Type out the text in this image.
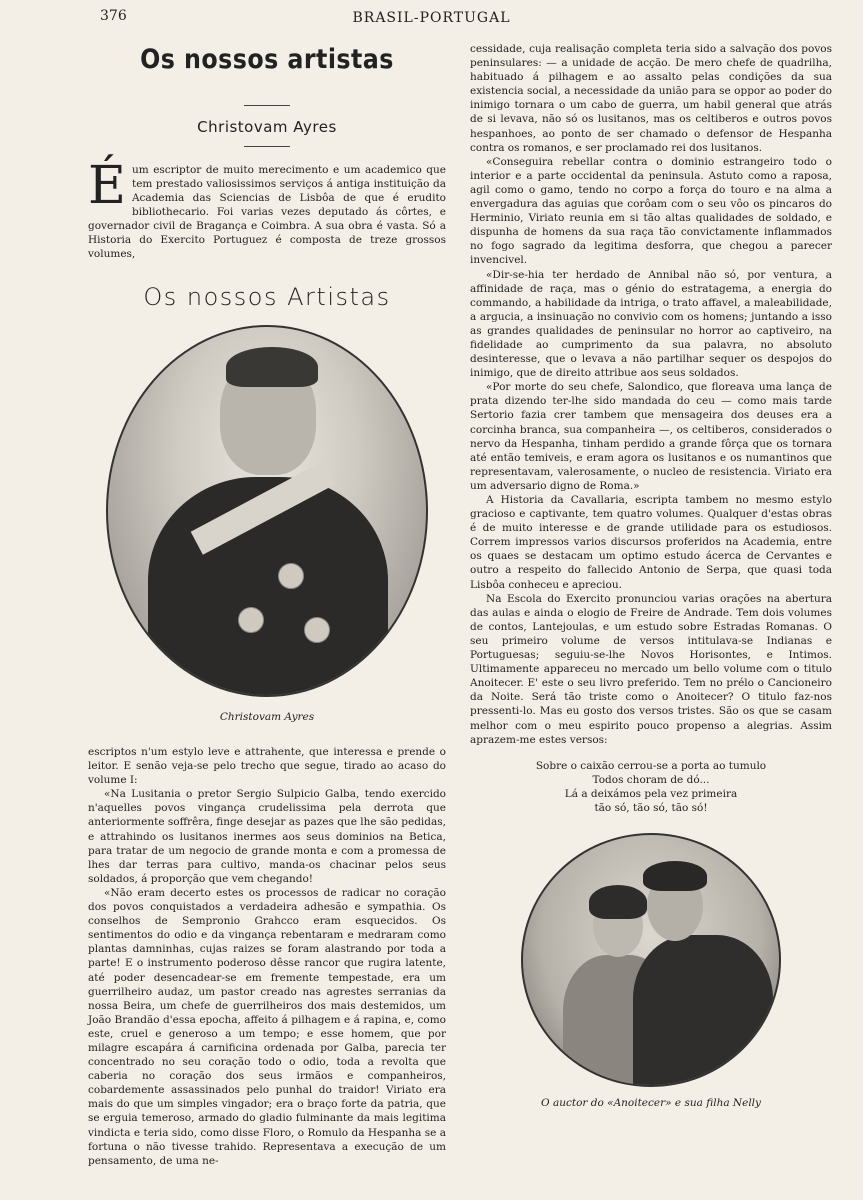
376	BRASIL-PORTUGAL
Os nossos artistas
Christovam Ayres
É um escriptor de muito merecimento e um academico que tem prestado valiosissimos serviços á antiga instituição da Academia das Sciencias de Lisbôa de que é erudito bibliothecario. Foi varias vezes deputado ás côrtes, e governador civil de Bragança e Coimbra. A sua obra é vasta. Só a Historia do Exercito Portuguez é composta de treze grossos volumes,
Os nossos Artistas
Christovam Ayres

escriptos n'um estylo leve e attrahente, que interessa e prende o leitor. E senão veja-se pelo trecho que segue, tirado ao acaso do volume I:

«Na Lusitania o pretor Sergio Sulpicio Galba, tendo exercido n'aquelles povos vingança crudelissima pela derrota que anteriormente soffrêra, finge desejar as pazes que lhe são pedidas, e attrahindo os lusitanos inermes aos seus dominios na Betica, para tratar de um negocio de grande monta e com a promessa de lhes dar terras para cultivo, manda-os chacinar pelos seus soldados, á proporção que vem chegando!

«Não eram decerto estes os processos de radicar no coração dos povos conquistados a verdadeira adhesão e sympathia. Os conselhos de Sempronio Grahcco eram esquecidos. Os sentimentos do odio e da vingança rebentaram e medraram como plantas damninhas, cujas raizes se foram alastrando por toda a parte! E o instrumento poderoso dêsse rancor que rugira latente, até poder desencadear-se em fremente tempestade, era um guerrilheiro audaz, um pastor creado nas agrestes serranias da nossa Beira, um chefe de guerrilheiros dos mais destemidos, um João Brandão d'essa epocha, affeito á pilhagem e á rapina, e, como este, cruel e generoso a um tempo; e esse homem, que por milagre escapára á carnificina ordenada por Galba, parecia ter concentrado no seu coração todo o odio, toda a revolta que caberia no coração dos seus irmãos e companheiros, cobardemente assassinados pelo punhal do traidor! Viriato era mais do que um simples vingador; era o braço forte da patria, que se erguia temeroso, armado do gladio fulminante da mais legitima vindicta e teria sido, como disse Floro, o Romulo da Hespanha se a fortuna o não tivesse trahido. Representava a execução de um pensamento, de uma ne-

cessidade, cuja realisação completa teria sido a salvação dos povos peninsulares: — a unidade de acção. De mero chefe de quadrilha, habituado á pilhagem e ao assalto pelas condições da sua existencia social, a necessidade da união para se oppor ao poder do inimigo tornara o um cabo de guerra, um habil general que atrás de si levava, não só os lusitanos, mas os celtiberos e outros povos hespanhoes, ao ponto de ser chamado o defensor de Hespanha contra os romanos, e ser proclamado rei dos lusitanos.

«Conseguira rebellar contra o dominio estrangeiro todo o interior e a parte occidental da peninsula. Astuto como a raposa, agil como o gamo, tendo no corpo a força do touro e na alma a envergadura das aguias que corôam com o seu vôo os pincaros do Herminio, Viriato reunia em si tão altas qualidades de soldado, e dispunha de homens da sua raça tão convictamente inflammados no fogo sagrado da legitima desforra, que chegou a parecer invencivel.

«Dir-se-hia ter herdado de Annibal não só, por ventura, a affinidade de raça, mas o génio do estratagema, a energia do commando, a habilidade da intriga, o trato affavel, a maleabilidade, a argucia, a insinuação no convivio com os homens; juntando a isso as grandes qualidades de peninsular no horror ao captiveiro, na fidelidade ao cumprimento da sua palavra, no absoluto desinteresse, que o levava a não partilhar sequer os despojos do inimigo, que de direito attribue aos seus soldados.

«Por morte do seu chefe, Salondico, que floreava uma lança de prata dizendo ter-lhe sido mandada do ceu — como mais tarde Sertorio fazia crer tambem que mensageira dos deuses era a corcinha branca, sua companheira —, os celtiberos, considerados o nervo da Hespanha, tinham perdido a grande fôrça que os tornara até então temiveis, e eram agora os lusitanos e os numantinos que representavam, valerosamente, o nucleo de resistencia. Viriato era um adversario digno de Roma.»

A Historia da Cavallaria, escripta tambem no mesmo estylo gracioso e captivante, tem quatro volumes. Qualquer d'estas obras é de muito interesse e de grande utilidade para os estudiosos. Correm impressos varios discursos proferidos na Academia, entre os quaes se destacam um optimo estudo ácerca de Cervantes e outro a respeito do fallecido Antonio de Serpa, que quasi toda Lisbôa conheceu e apreciou.

Na Escola do Exercito pronunciou varias orações na abertura das aulas e ainda o elogio de Freire de Andrade. Tem dois volumes de contos, Lantejoulas, e um estudo sobre Estradas Romanas. O seu primeiro volume de versos intitulava-se Indianas e Portuguesas; seguiu-se-lhe Novos Horisontes, e Intimos. Ultimamente appareceu no mercado um bello volume com o titulo Anoitecer. E' este o seu livro preferido. Tem no prélo o Cancioneiro da Noite. Será tão triste como o Anoitecer? O titulo faz-nos pressenti-lo. Mas eu gosto dos versos tristes. São os que se casam melhor com o meu espirito pouco propenso a alegrias. Assim aprazem-me estes versos:

Sobre o caixão cerrou-se a porta ao tumulo
Todos choram de dó...
Lá a deixámos pela vez primeira
tão só, tão só, tão só!
O auctor do «Anoitecer» e sua filha Nelly
